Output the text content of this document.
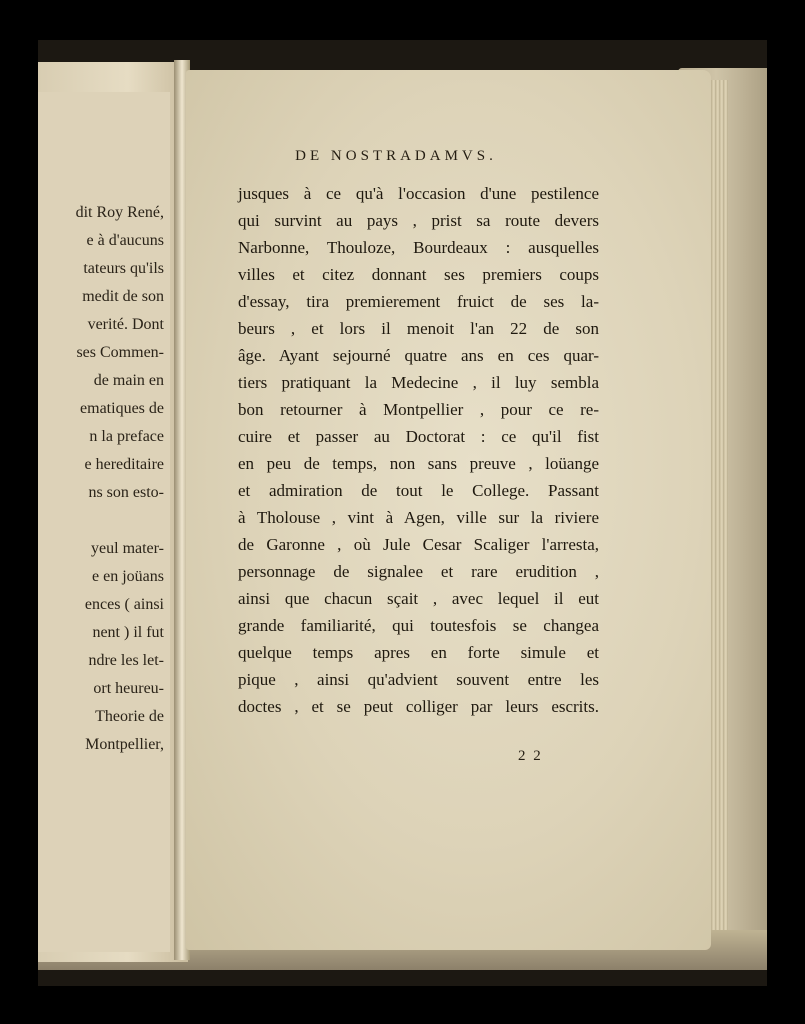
dit Roy René,
e à d'aucuns
tateurs qu'ils
medit de son
verité. Dont
ses Commen-
de main en
ematiques de
n la preface
e hereditaire
ns son esto-
yeul mater-
e en joüans
ences ( ainsi
nent ) il fut
ndre les let-
ort heureu-
Theorie de
Montpellier,
DE NOSTRADAMVS.
jusques à ce qu'à l'occasion d'une pestilence
qui survint au pays , prist sa route devers
Narbonne, Thouloze, Bourdeaux : ausquelles
villes et citez donnant ses premiers coups
d'essay, tira premierement fruict de ses la-
beurs , et lors il menoit l'an 22 de son
âge. Ayant sejourné quatre ans en ces quar-
tiers pratiquant la Medecine , il luy sembla
bon retourner à Montpellier , pour ce re-
cuire et passer au Doctorat : ce qu'il fist
en peu de temps, non sans preuve , loüange
et admiration de tout le College. Passant
à Tholouse , vint à Agen, ville sur la riviere
de Garonne , où Jule Cesar Scaliger l'arresta,
personnage de signalee et rare erudition ,
ainsi que chacun sçait , avec lequel il eut
grande familiarité, qui toutesfois se changea
quelque temps apres en forte simule et
pique , ainsi qu'advient souvent entre les
doctes , et se peut colliger par leurs escrits.
2 2
